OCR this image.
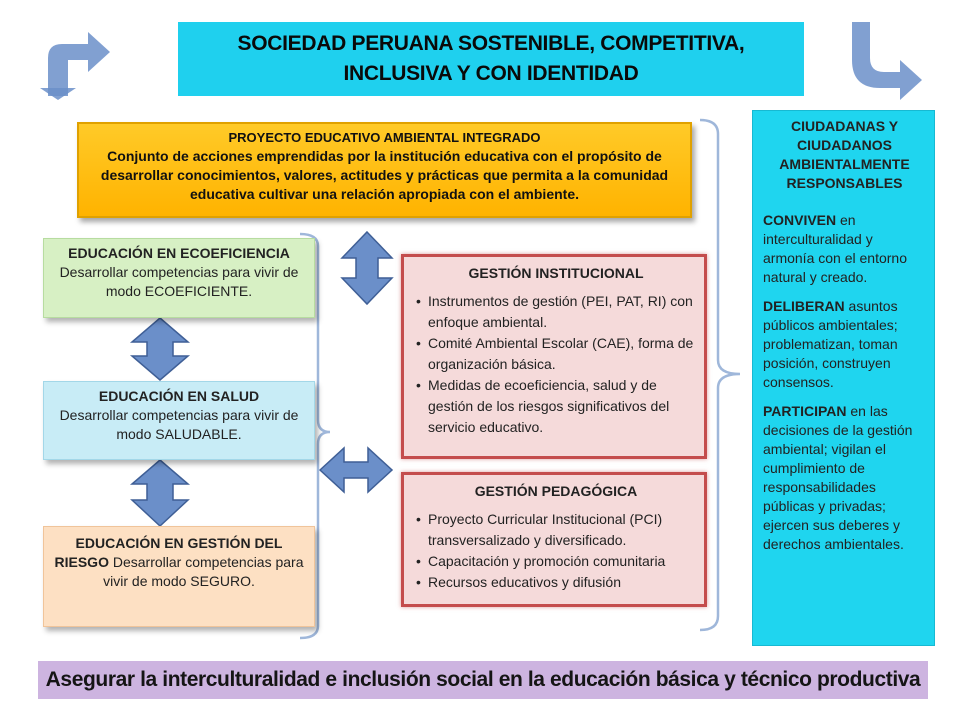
SOCIEDAD PERUANA SOSTENIBLE, COMPETITIVA,
INCLUSIVA Y CON IDENTIDAD
PROYECTO EDUCATIVO AMBIENTAL INTEGRADO
Conjunto de acciones emprendidas por la institución educativa con el propósito de desarrollar conocimientos, valores, actitudes y prácticas que permita a la comunidad educativa cultivar una relación apropiada con el ambiente.
EDUCACIÓN EN ECOEFICIENCIA
Desarrollar competencias para vivir de modo ECOEFICIENTE.
EDUCACIÓN EN SALUD
Desarrollar competencias para vivir de modo SALUDABLE.
EDUCACIÓN EN GESTIÓN DEL RIESGO Desarrollar competencias para vivir de modo SEGURO.
GESTIÓN INSTITUCIONAL
• Instrumentos de gestión (PEI, PAT, RI) con enfoque ambiental.
• Comité Ambiental Escolar (CAE), forma de organización básica.
• Medidas de ecoeficiencia, salud y de gestión de los riesgos significativos del servicio educativo.
GESTIÓN PEDAGÓGICA
• Proyecto Curricular Institucional (PCI) transversalizado y diversificado.
• Capacitación y promoción comunitaria
• Recursos educativos y difusión
CIUDADANAS Y CIUDADANOS AMBIENTALMENTE RESPONSABLES

CONVIVEN en interculturalidad y armonía con el entorno natural y creado.

DELIBERAN asuntos públicos ambientales; problematizan, toman posición, construyen consensos.

PARTICIPAN en las decisiones de la gestión ambiental; vigilan el cumplimiento de responsabilidades públicas y privadas; ejercen sus deberes y derechos ambientales.

Asegurar la interculturalidad e inclusión social en la educación básica y técnico productiva
